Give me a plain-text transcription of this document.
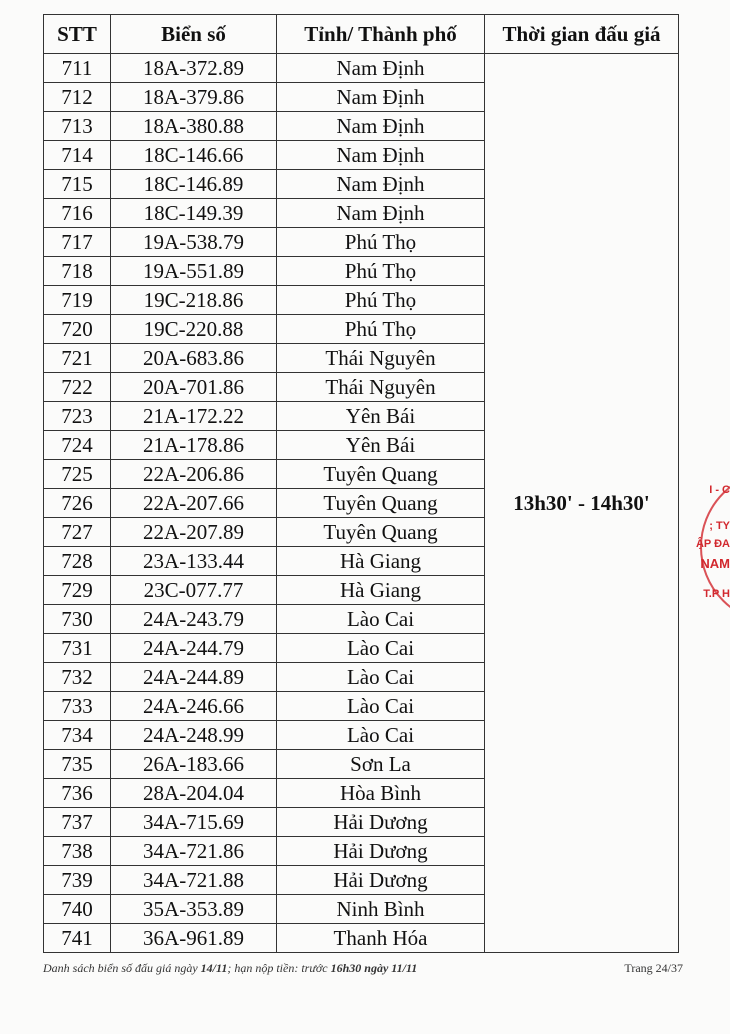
STT	Biển số	Tỉnh/ Thành phố	Thời gian đấu giá
711	18A-372.89	Nam Định	13h30' - 14h30'
712	18A-379.86	Nam Định	
713	18A-380.88	Nam Định	
714	18C-146.66	Nam Định	
715	18C-146.89	Nam Định	
716	18C-149.39	Nam Định	
717	19A-538.79	Phú Thọ	
718	19A-551.89	Phú Thọ	
719	19C-218.86	Phú Thọ	
720	19C-220.88	Phú Thọ	
721	20A-683.86	Thái Nguyên	
722	20A-701.86	Thái Nguyên	
723	21A-172.22	Yên Bái	
724	21A-178.86	Yên Bái	
725	22A-206.86	Tuyên Quang	
726	22A-207.66	Tuyên Quang	
727	22A-207.89	Tuyên Quang	
728	23A-133.44	Hà Giang	
729	23C-077.77	Hà Giang	
730	24A-243.79	Lào Cai	
731	24A-244.79	Lào Cai	
732	24A-244.89	Lào Cai	
733	24A-246.66	Lào Cai	
734	24A-248.99	Lào Cai	
735	26A-183.66	Sơn La	
736	28A-204.04	Hòa Bình	
737	34A-715.69	Hải Dương	
738	34A-721.86	Hải Dương	
739	34A-721.88	Hải Dương	
740	35A-353.89	Ninh Bình	
741	36A-961.89	Thanh Hóa	
Danh sách biển số đấu giá ngày 14/11; hạn nộp tiền: trước 16h30 ngày 11/11	Trang 24/37
I - C
; TY
ẬP ĐA
NAM
T.P H
